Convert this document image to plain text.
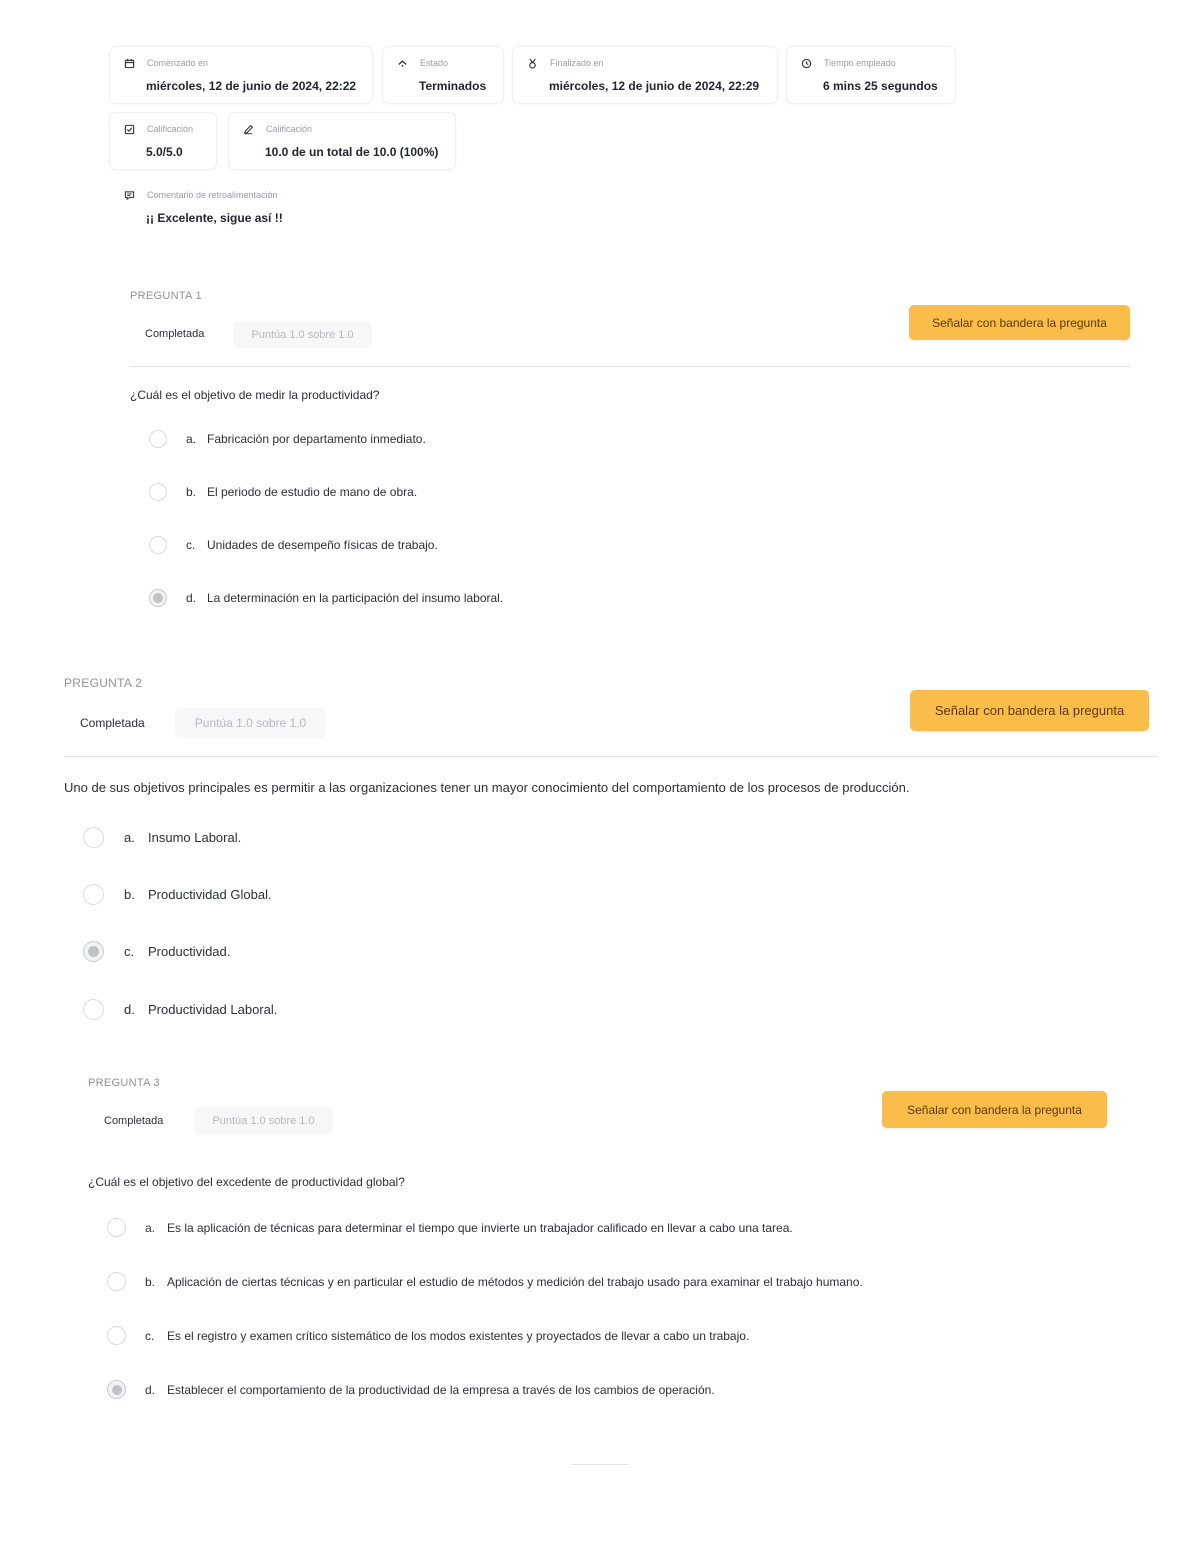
Comenzado en
miércoles, 12 de junio de 2024, 22:22
Estado
Terminados
Finalizado en
miércoles, 12 de junio de 2024, 22:29
Tiempo empleado
6 mins 25 segundos
Calificación
5.0/5.0
Calificación
10.0 de un total de 10.0 (100%)
Comentario de retroalimentación
¡¡ Excelente, sigue así !!
PREGUNTA 1
Completada	Puntúa 1.0 sobre 1.0
Señalar con bandera la pregunta
¿Cuál es el objetivo de medir la productividad?
a. Fabricación por departamento inmediato.
b. El periodo de estudio de mano de obra.
c. Unidades de desempeño físicas de trabajo.
d. La determinación en la participación del insumo laboral.
PREGUNTA 2
Completada	Puntúa 1.0 sobre 1.0
Señalar con bandera la pregunta
Uno de sus objetivos principales es permitir a las organizaciones tener un mayor conocimiento del comportamiento de los procesos de producción.
a.	Insumo Laboral.
b.	Productividad Global.
c.	Productividad.
d.	Productividad Laboral.
PREGUNTA 3
Completada	Puntúa 1.0 sobre 1.0
Señalar con bandera la pregunta
¿Cuál es el objetivo del excedente de productividad global?
a. Es la aplicación de técnicas para determinar el tiempo que invierte un trabajador calificado en llevar a cabo una tarea.
b. Aplicación de ciertas técnicas y en particular el estudio de métodos y medición del trabajo usado para examinar el trabajo humano.
c.	Es el registro y examen crítico sistemático de los modos existentes y proyectados de llevar a cabo un trabajo.
d. Establecer el comportamiento de la productividad de la empresa a través de los cambios de operación.
